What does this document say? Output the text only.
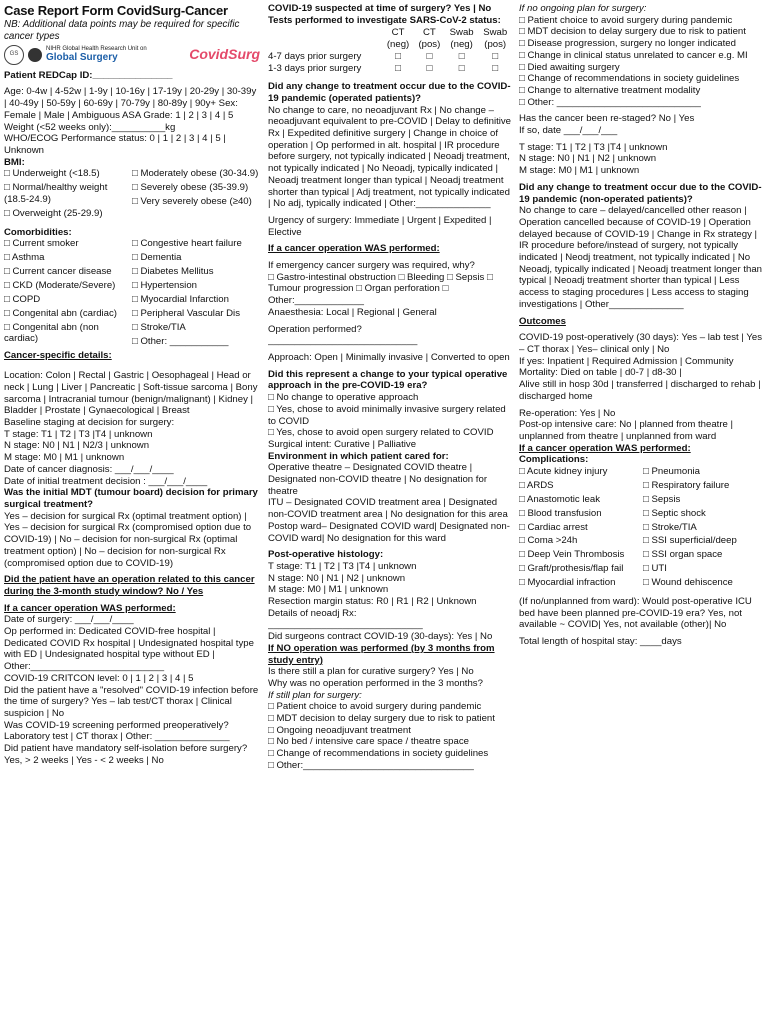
Case Report Form CovidSurg-Cancer

NB: Additional data points may be required for specific cancer types

GS
NIHR Global Health Research Unit on
Global Surgery	CovidSurg

Patient REDCap ID:_______________

Age: 0-4w | 4-52w | 1-9y | 10-16y | 17-19y | 20-29y | 30-39y | 40-49y | 50-59y | 60-69y | 70-79y | 80-89y | 90y+ Sex: Female | Male | Ambiguous ASA Grade: 1 | 2 | 3 | 4 | 5

Weight (<52 weeks only):__________kg

WHO/ECOG Performance status: 0 | 1 | 2 | 3 | 4 | 5 | Unknown

BMI:

□ Underweight (<18.5)

□ Normal/healthy weight (18.5-24.9)

□ Overweight (25-29.9)

□ Moderately obese (30-34.9)

□ Severely obese (35-39.9)

□ Very severely obese (≥40)

Comorbidities:

□ Current smoker

□ Asthma

□ Current cancer disease

□ CKD (Moderate/Severe)

□ COPD

□ Congenital abn (cardiac)

□ Congenital abn (non cardiac)

□ Congestive heart failure

□ Dementia

□ Diabetes Mellitus

□ Hypertension

□ Myocardial Infarction

□ Peripheral Vascular Dis

□ Stroke/TIA

□ Other: ___________

Cancer-specific details:

Location: Colon | Rectal | Gastric | Oesophageal | Head or neck | Lung | Liver | Pancreatic | Soft-tissue sarcoma | Bony sarcoma | Intracranial tumour (benign/malignant) | Kidney | Bladder | Prostate | Gynaecological | Breast

Baseline staging at decision for surgery:

T stage: T1 | T2 | T3 |T4 | unknown

N stage: N0 | N1 | N2/3 | unknown

M stage: M0 | M1 | unknown

Date of cancer diagnosis: ___/___/____

Date of initial treatment decision : ___/___/____

Was the initial MDT (tumour board) decision for primary surgical treatment?

Yes – decision for surgical Rx (optimal treatment option) | Yes – decision for surgical Rx (compromised option due to COVID-19) | No – decision for non-surgical Rx (optimal treatment option) | No – decision for non-surgical Rx (compromised option due to COVID-19)

Did the patient have an operation related to this cancer during the 3-month study window? No / Yes

If a cancer operation WAS performed:

Date of surgery: ___/___/____

Op performed in: Dedicated COVID-free hospital | Dedicated COVID Rx hospital | Undesignated hospital type with ED | Undesignated hospital type without ED | Other:_________________________

COVID-19 CRITCON level: 0 | 1 | 2 | 3 | 4 | 5

Did the patient have a "resolved" COVID-19 infection before the time of surgery? Yes – lab test/CT thorax | Clinical suspicion | No

Was COVID-19 screening performed preoperatively?

Laboratory test | CT thorax | Other: ______________

Did patient have mandatory self-isolation before surgery?

Yes, > 2 weeks | Yes - < 2 weeks | No

COVID-19 suspected at time of surgery? Yes | No

Tests performed to investigate SARS-CoV-2 status:

	CT	CT	Swab	Swab
	(neg)	(pos)	(neg)	(pos)
4-7 days prior surgery	□	□	□	□
1-3 days prior surgery	□	□	□	□

Did any change to treatment occur due to the COVID-19 pandemic (operated patients)?

No change to care, no neoadjuvant Rx | No change – neoadjuvant equivalent to pre-COVID | Delay to definitive Rx | Expedited definitive surgery | Change in choice of operation | Op performed in alt. hospital | IR procedure before surgery, not typically indicated | Neoadj treatment, not typically indicated | No Neoadj, typically indicated | Neoadj treatment longer than typical | Neoadj treatment shorter than typical | Adj treatment, not typically indicated | No adj, typically indicated | Other:______________

Urgency of surgery: Immediate | Urgent | Expedited | Elective

If a cancer operation WAS performed:

If emergency cancer surgery was required, why?

□ Gastro-intestinal obstruction □ Bleeding □ Sepsis □ Tumour progression □ Organ perforation □ Other:_____________

Anaesthesia: Local | Regional | General

Operation performed? ____________________________

Approach: Open | Minimally invasive | Converted to open

Did this represent a change to your typical operative approach in the pre-COVID-19 era?

□ No change to operative approach

□ Yes, chose to avoid minimally invasive surgery related to COVID

□ Yes, chose to avoid open surgery related to COVID

Surgical intent: Curative | Palliative

Environment in which patient cared for:

Operative theatre – Designated COVID theatre | Designated non-COVID theatre | No designation for theatre

ITU – Designated COVID treatment area | Designated non-COVID treatment area | No designation for this area

Postop ward– Designated COVID ward| Designated non-COVID ward| No designation for this ward

Post-operative histology:

T stage: T1 | T2 | T3 |T4 | unknown

N stage: N0 | N1 | N2 | unknown

M stage: M0 | M1 | unknown

Resection margin status: R0 | R1 | R2 | Unknown

Details of neoadj Rx: _____________________________

Did surgeons contract COVID-19 (30-days): Yes | No

If NO operation was performed (by 3 months from study entry)

Is there still a plan for curative surgery? Yes | No

Why was no operation performed in the 3 months?

If still plan for surgery:

□ Patient choice to avoid surgery during pandemic

□ MDT decision to delay surgery due to risk to patient

□ Ongoing neoadjuvant treatment

□ No bed / intensive care space / theatre space

□ Change of recommendations in society guidelines

□ Other:________________________________

If no ongoing plan for surgery:

□ Patient choice to avoid surgery during pandemic

□ MDT decision to delay surgery due to risk to patient

□ Disease progression, surgery no longer indicated

□ Change in clinical status unrelated to cancer e.g. MI

□ Died awaiting surgery

□ Change of recommendations in society guidelines

□ Change to alternative treatment modality

□ Other: ___________________________

Has the cancer been re-staged? No | Yes

If so, date ___/___/___

T stage: T1 | T2 | T3 |T4 | unknown

N stage: N0 | N1 | N2 | unknown

M stage: M0 | M1 | unknown

Did any change to treatment occur due to the COVID-19 pandemic (non-operated patients)?

No change to care – delayed/cancelled other reason | Operation cancelled because of COVID-19 | Operation delayed because of COVID-19 | Change in Rx strategy | IR procedure before/instead of surgery, not typically indicated | Neodj treatment, not typically indicated | No Neoadj, typically indicated | Neoadj treatment longer than typical | Neoadj treatment shorter than typical | Less access to staging procedures | Less access to staging investigations | Other______________

Outcomes

COVID-19 post-operatively (30 days): Yes – lab test | Yes – CT thorax | Yes– clinical only | No

If yes: Inpatient | Required Admission | Community

Mortality: Died on table | d0-7 | d8-30 |

Alive still in hosp 30d | transferred | discharged to rehab | discharged home

Re-operation: Yes | No

Post-op intensive care: No | planned from theatre | unplanned from theatre | unplanned from ward

If a cancer operation WAS performed:

Complications:

□ Acute kidney injury

□ ARDS

□ Anastomotic leak

□ Blood transfusion

□ Cardiac arrest

□ Coma >24h

□ Deep Vein Thrombosis

□ Graft/prothesis/flap fail

□ Myocardial infraction

□ Pneumonia

□ Respiratory failure

□ Sepsis

□ Septic shock

□ Stroke/TIA

□ SSI superficial/deep

□ SSI organ space

□ UTI

□ Wound dehiscence

(If no/unplanned from ward): Would post-operative ICU bed have been planned pre-COVID-19 era? Yes, not available ~ COVID| Yes, not available (other)| No

Total length of hospital stay: ____days
